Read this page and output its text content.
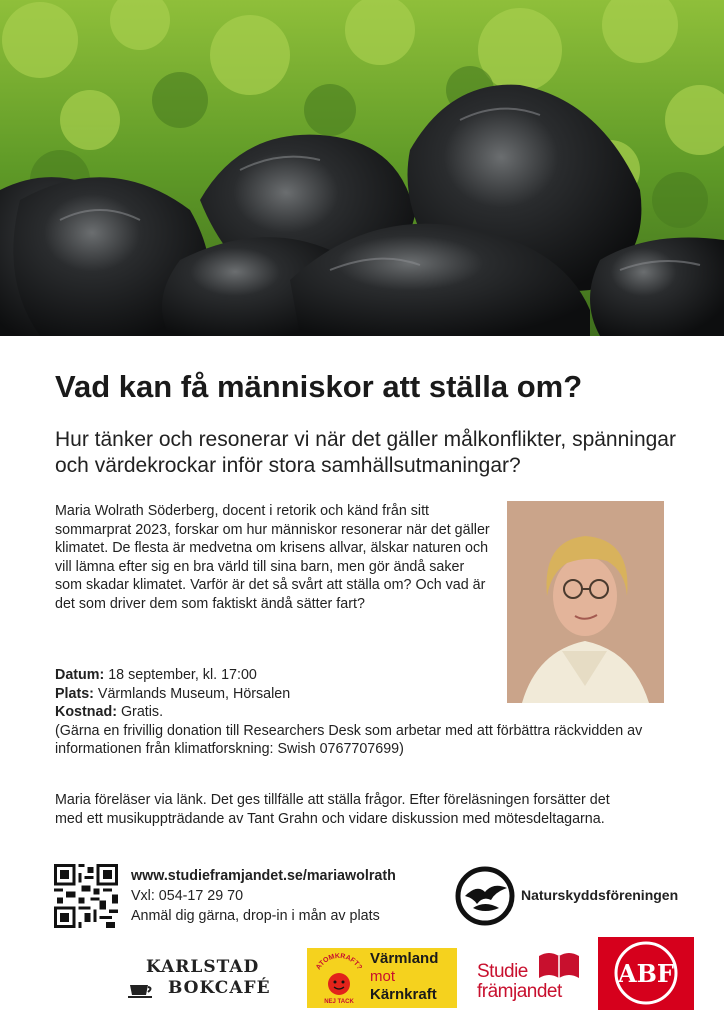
Vad kan få människor att ställa om?

Hur tänker och resonerar vi när det gäller målkonflikter, spänningar och värdekrockar inför stora samhällsutmaningar?

Maria Wolrath Söderberg, docent i retorik och känd från sitt sommarprat 2023, forskar om hur människor resonerar när det gäller klimatet. De flesta är medvetna om krisens allvar, älskar naturen och vill lämna efter sig en bra värld till sina barn, men gör ändå saker som skadar klimatet. Varför är det så svårt att ställa om? Och vad är det som driver dem som faktiskt ändå sätter fart?

Datum: 18 september, kl. 17:00
Plats: Värmlands Museum, Hörsalen
Kostnad: Gratis.
(Gärna en frivillig donation till Researchers Desk som arbetar med att förbättra räckvidden av informationen från klimatforskning: Swish 0767707699)

Maria föreläser via länk. Det ges tillfälle att ställa frågor. Efter föreläsningen forsätter det med ett musikuppträdande av Tant Grahn och vidare diskussion med mötesdeltagarna.

www.studieframjandet.se/mariawolrath
Vxl: 054-17 29 70
Anmäl dig gärna, drop-in i mån av plats
Naturskyddsföreningen
KARLSTAD
BOKCAFÉ
ATOMKRAFT?
NEJ TACK
Värmland
mot
Kärnkraft
Studie
främjandet
ABF
